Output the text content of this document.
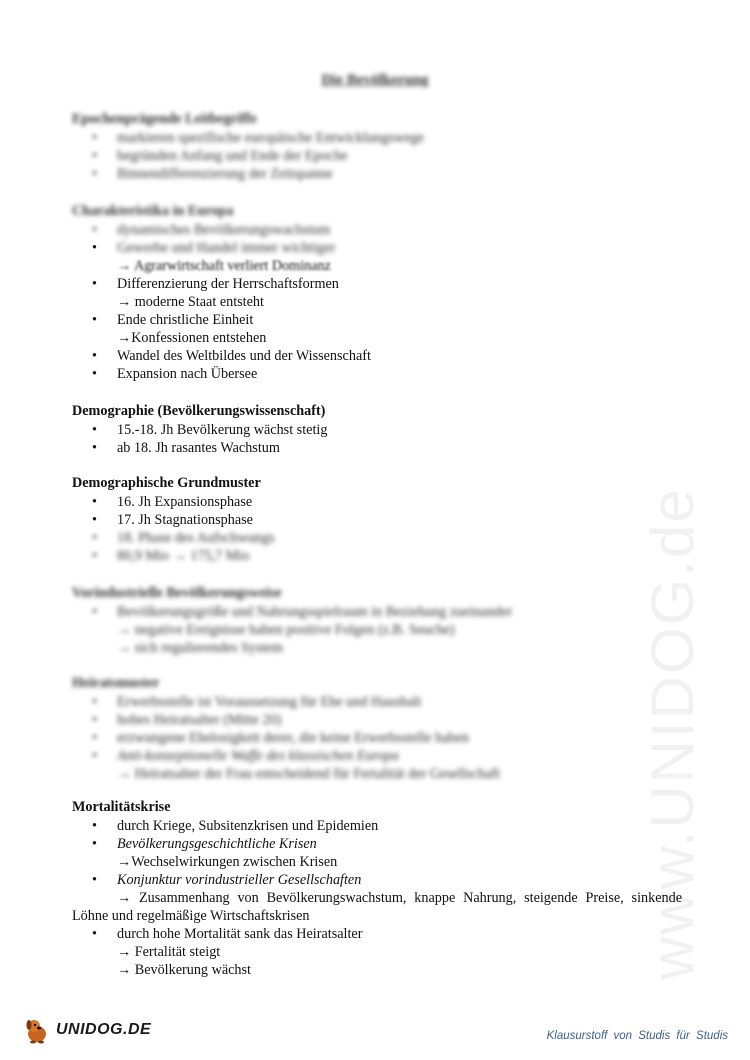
www.UNIDOG.de
Die Bevölkerung
Epochenprägende Leitbegriffe
• markieren spezifische europäische Entwicklungswege
• begründen Anfang und Ende der Epoche
• Binnendifferenzierung der Zeitspanne
Charakteristika in Europa
• dynamisches Bevölkerungswachstum
• Gewerbe und Handel immer wichtiger
→ Agrarwirtschaft verliert Dominanz
• Differenzierung der Herrschaftsformen
→ moderne Staat entsteht
• Ende christliche Einheit
→Konfessionen entstehen
• Wandel des Weltbildes und der Wissenschaft
• Expansion nach Übersee
Demographie (Bevölkerungswissenschaft)
• 15.-18. Jh Bevölkerung wächst stetig
• ab 18. Jh rasantes Wachstum
Demographische Grundmuster
• 16. Jh Expansionsphase
• 17. Jh Stagnationsphase
• 18. Phase des Aufschwungs
• 80,9 Mio → 175,7 Mio
Vorindustrielle Bevölkerungsweise
• Bevölkerungsgröße und Nahrungsspielraum in Beziehung zueinander
→ negative Ereignisse haben positive Folgen (z.B. Seuche)
→ sich regulierendes System
Heiratsmuster
• Erwerbsstelle ist Voraussetzung für Ehe und Haushalt
• hohes Heiratsalter (Mitte 20)
• erzwungene Ehelosigkeit derer, die keine Erwerbsstelle haben
• Anti-konzeptionelle Waffe des klassischen Europa
→ Heiratsalter der Frau entscheidend für Fertalität der Gesellschaft
Mortalitätskrise
• durch Kriege, Subsitenzkrisen und Epidemien
• Bevölkerungsgeschichtliche Krisen
→Wechselwirkungen zwischen Krisen
• Konjunktur vorindustrieller Gesellschaften
→ Zusammenhang von Bevölkerungswachstum, knappe Nahrung, steigende Preise, sinkende Löhne und regelmäßige Wirtschaftskrisen
• durch hohe Mortalität sank das Heiratsalter
→ Fertalität steigt
→ Bevölkerung wächst
UNIDOG.DE	Klausurstoff von Studis für Studis
